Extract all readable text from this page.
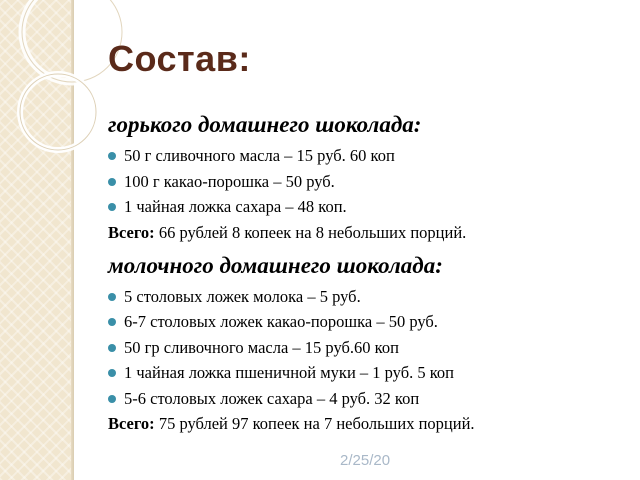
Состав:
горького домашнего шоколада:
50 г сливочного масла – 15 руб. 60 коп
100 г какао-порошка – 50 руб.
1 чайная ложка сахара – 48 коп.
Всего: 66 рублей 8 копеек на 8 небольших порций.
молочного домашнего шоколада:
5 столовых ложек молока – 5 руб.
6-7 столовых ложек какао-порошка – 50 руб.
50 гр сливочного масла – 15 руб.60 коп
1 чайная ложка пшеничной муки – 1 руб. 5 коп
5-6 столовых ложек сахара – 4 руб. 32 коп
Всего: 75 рублей 97 копеек на 7 небольших порций.
2/25/20
